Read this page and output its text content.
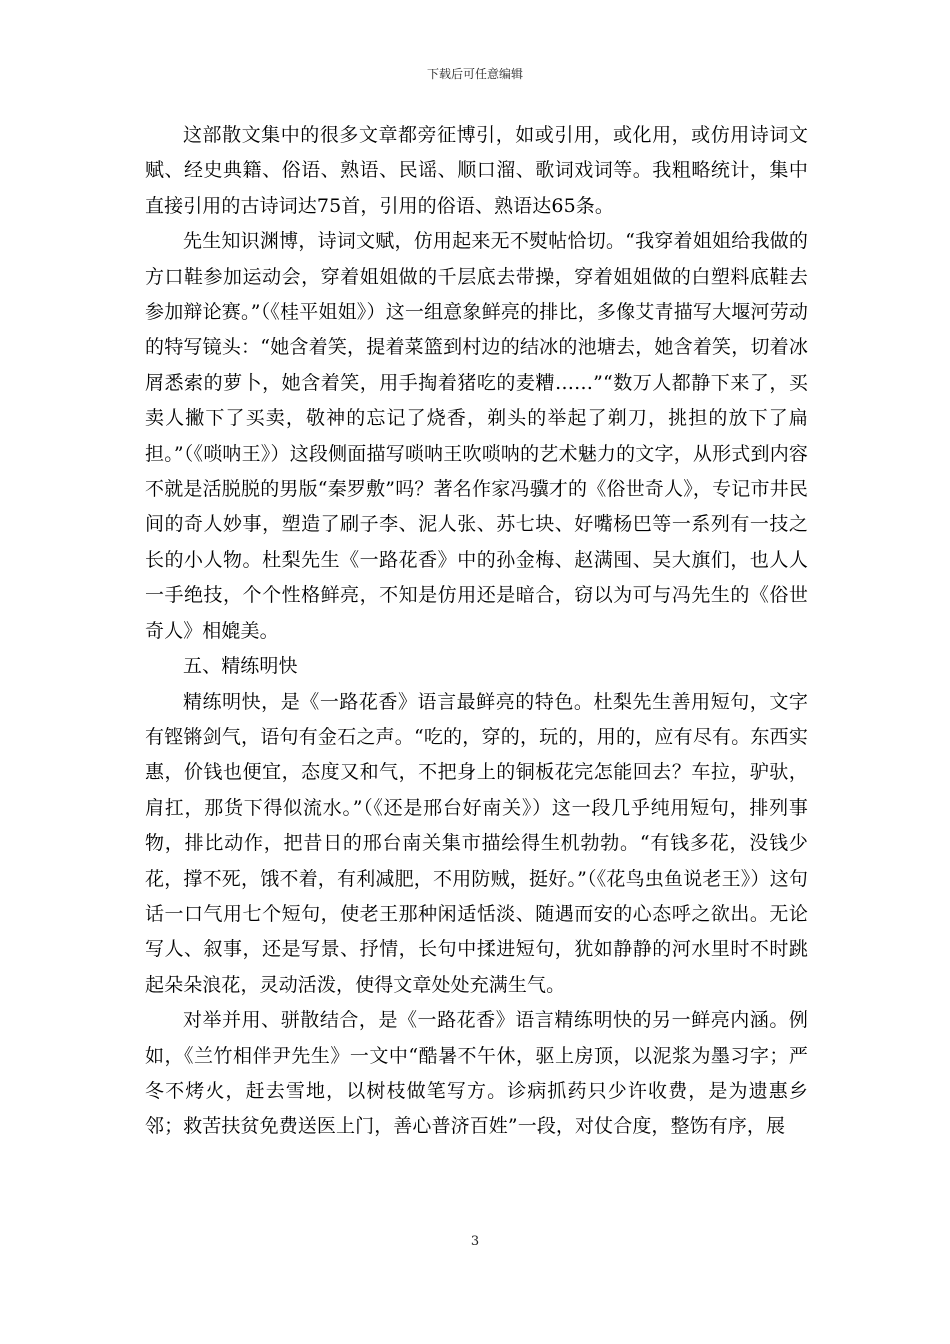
下载后可任意编辑

这部散文集中的很多文章都旁征博引，如或引用，或化用，或仿用诗词文赋、经史典籍、俗语、熟语、民谣、顺口溜、歌词戏词等。我粗略统计，集中直接引用的古诗词达75首，引用的俗语、熟语达65条。

先生知识渊博，诗词文赋，仿用起来无不熨帖恰切。“我穿着姐姐给我做的方口鞋参加运动会，穿着姐姐做的千层底去带操，穿着姐姐做的白塑料底鞋去参加辩论赛。”（《桂平姐姐》）这一组意象鲜亮的排比，多像艾青描写大堰河劳动的特写镜头：“她含着笑，提着菜篮到村边的结冰的池塘去，她含着笑，切着冰屑悉索的萝卜，她含着笑，用手掏着猪吃的麦糟……”“数万人都静下来了，买卖人撇下了买卖，敬神的忘记了烧香，剃头的举起了剃刀，挑担的放下了扁担。”（《唢呐王》）这段侧面描写唢呐王吹唢呐的艺术魅力的文字，从形式到内容不就是活脱脱的男版“秦罗敷”吗？著名作家冯骥才的《俗世奇人》，专记市井民间的奇人妙事，塑造了刷子李、泥人张、苏七块、好嘴杨巴等一系列有一技之长的小人物。杜梨先生《一路花香》中的孙金梅、赵满囤、吴大旗们，也人人一手绝技，个个性格鲜亮，不知是仿用还是暗合，窃以为可与冯先生的《俗世奇人》相媲美。

五、精练明快

精练明快，是《一路花香》语言最鲜亮的特色。杜梨先生善用短句，文字有铿锵剑气，语句有金石之声。“吃的，穿的，玩的，用的，应有尽有。东西实惠，价钱也便宜，态度又和气，不把身上的铜板花完怎能回去？车拉，驴驮，肩扛，那货下得似流水。”（《还是邢台好南关》）这一段几乎纯用短句，排列事物，排比动作，把昔日的邢台南关集市描绘得生机勃勃。“有钱多花，没钱少花，撑不死，饿不着，有利减肥，不用防贼，挺好。”（《花鸟虫鱼说老王》）这句话一口气用七个短句，使老王那种闲适恬淡、随遇而安的心态呼之欲出。无论写人、叙事，还是写景、抒情，长句中揉进短句，犹如静静的河水里时不时跳起朵朵浪花，灵动活泼，使得文章处处充满生气。

对举并用、骈散结合，是《一路花香》语言精练明快的另一鲜亮内涵。例如，《兰竹相伴尹先生》一文中“酷暑不午休，驱上房顶，以泥浆为墨习字；严冬不烤火，赶去雪地，以树枝做笔写方。诊病抓药只少许收费，是为遗惠乡邻；救苦扶贫免费送医上门，善心普济百姓”一段，对仗合度，整饬有序，展

3
